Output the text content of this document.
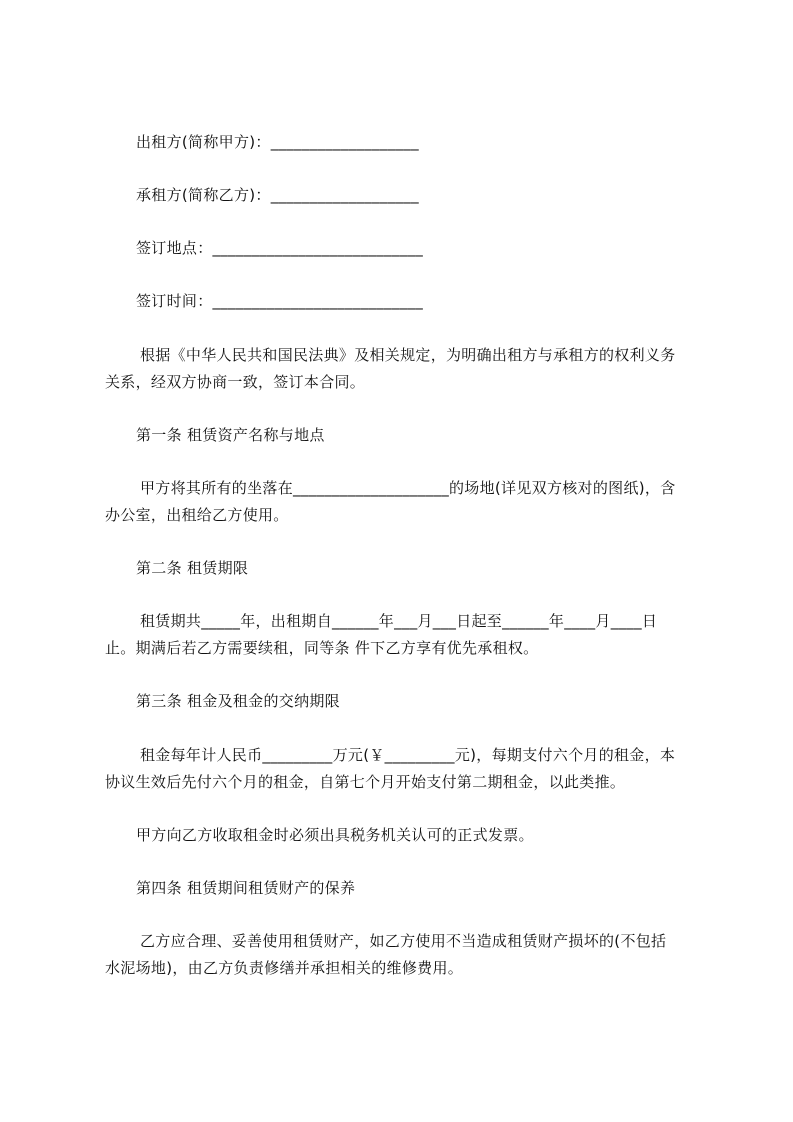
出租方(简称甲方)：___________________
承租方(简称乙方)：___________________
签订地点：___________________________
签订时间：___________________________
根据《中华人民共和国民法典》及相关规定，为明确出租方与承租方的权利义务
关系，经双方协商一致，签订本合同。
第一条 租赁资产名称与地点
甲方将其所有的坐落在____________________的场地(详见双方核对的图纸)，含
办公室，出租给乙方使用。
第二条 租赁期限
租赁期共_____年，出租期自______年___月___日起至______年____月____日
止。期满后若乙方需要续租，同等条 件下乙方享有优先承租权。
第三条 租金及租金的交纳期限
租金每年计人民币_________万元(￥_________元)，每期支付六个月的租金，本
协议生效后先付六个月的租金，自第七个月开始支付第二期租金，以此类推。
甲方向乙方收取租金时必须出具税务机关认可的正式发票。
第四条 租赁期间租赁财产的保养
乙方应合理、妥善使用租赁财产，如乙方使用不当造成租赁财产损坏的(不包括
水泥场地)，由乙方负责修缮并承担相关的维修费用。
